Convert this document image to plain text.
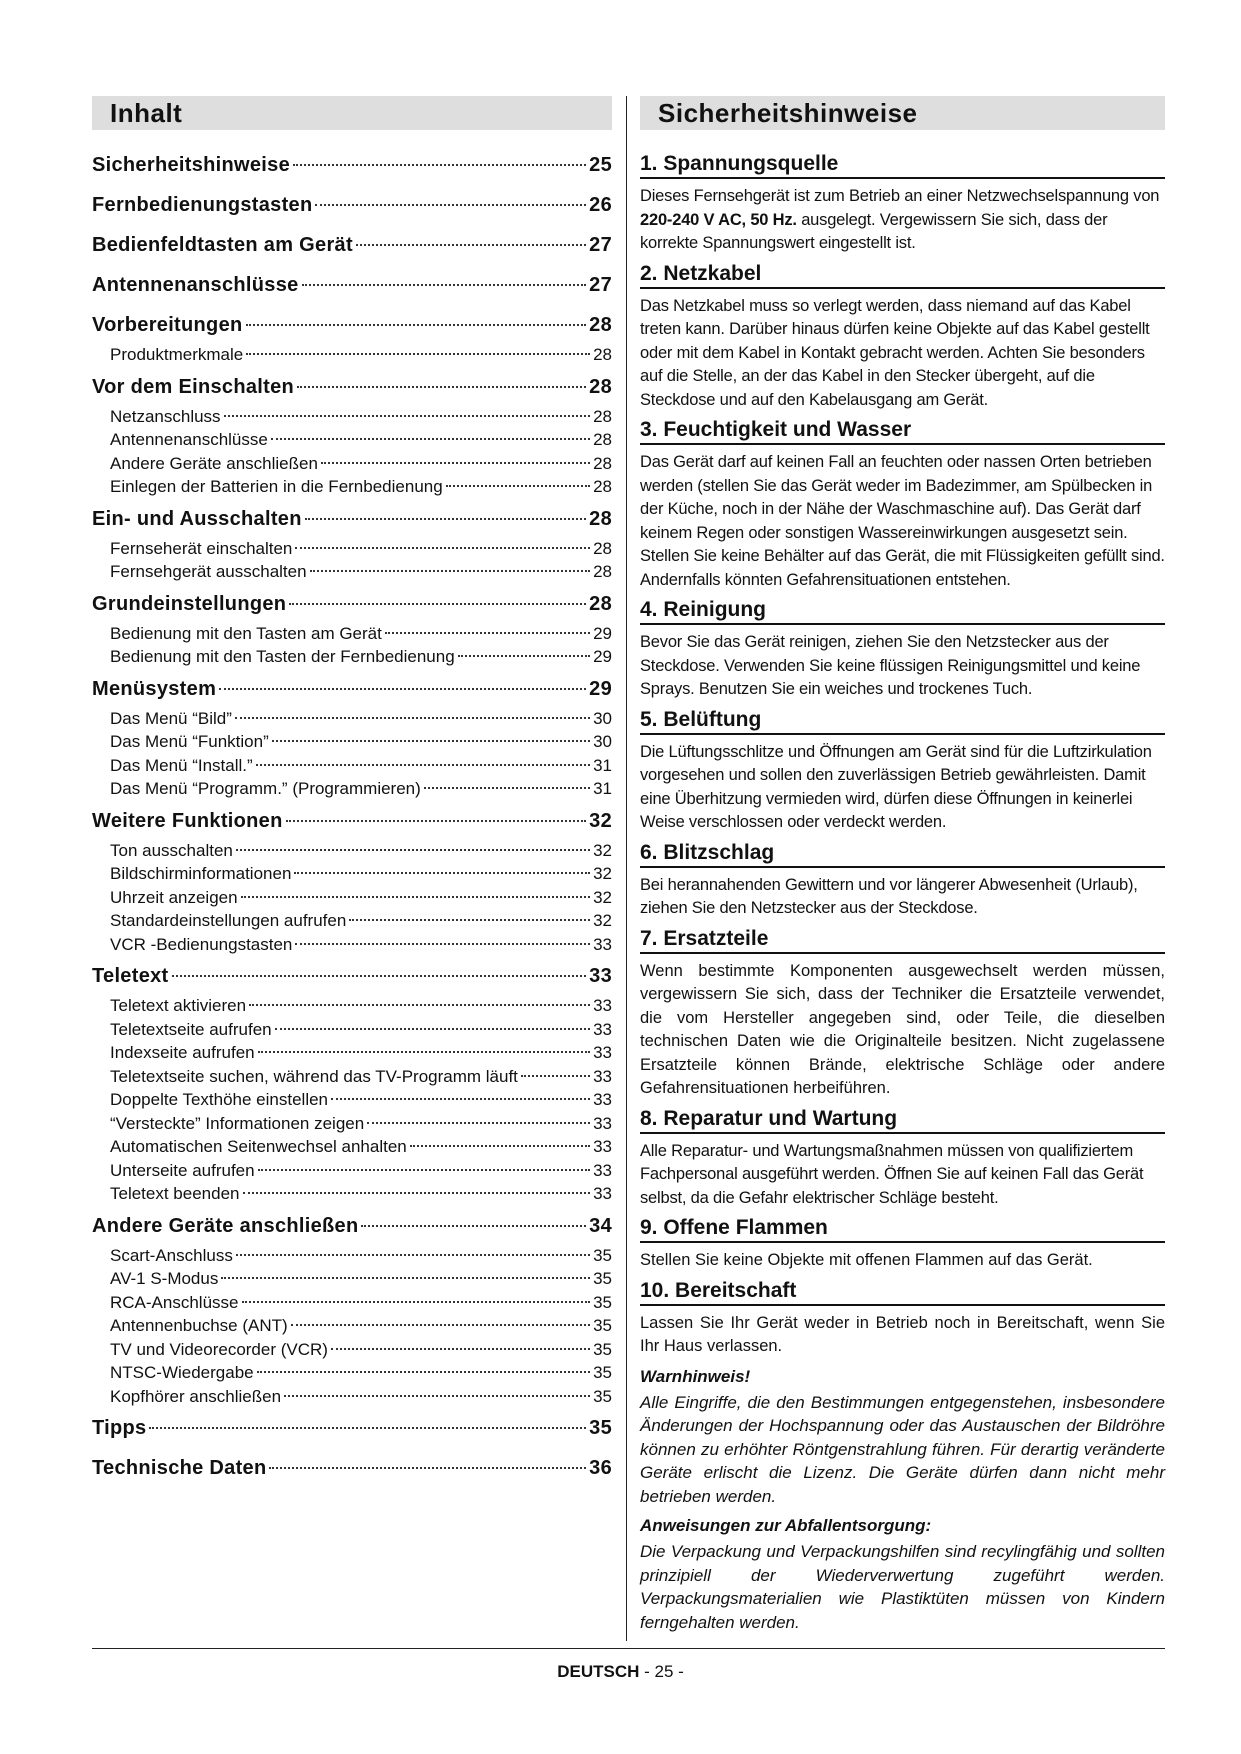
Inhalt
Sicherheitshinweise	25
Fernbedienungstasten	26
Bedienfeldtasten am Gerät	27
Antennenanschlüsse	27
Vorbereitungen	28
Produktmerkmale	28
Vor dem Einschalten	28
Netzanschluss	28
Antennenanschlüsse	28
Andere Geräte anschließen	28
Einlegen der Batterien in die Fernbedienung	28
Ein- und Ausschalten	28
Fernseherät einschalten	28
Fernsehgerät ausschalten	28
Grundeinstellungen	28
Bedienung mit den Tasten am Gerät	29
Bedienung mit den Tasten der Fernbedienung	29
Menüsystem	29
Das Menü “Bild”	30
Das Menü “Funktion”	30
Das Menü “Install.”	31
Das Menü “Programm.” (Programmieren)	31
Weitere Funktionen	32
Ton ausschalten	32
Bildschirminformationen	32
Uhrzeit anzeigen	32
Standardeinstellungen aufrufen	32
VCR -Bedienungstasten	33
Teletext	33
Teletext aktivieren	33
Teletextseite aufrufen	33
Indexseite aufrufen	33
Teletextseite suchen, während das TV-Programm läuft	33
Doppelte Texthöhe einstellen	33
“Versteckte” Informationen zeigen	33
Automatischen Seitenwechsel anhalten	33
Unterseite aufrufen	33
Teletext beenden	33
Andere Geräte anschließen	34
Scart-Anschluss	35
AV-1 S-Modus	35
RCA-Anschlüsse	35
Antennenbuchse (ANT)	35
TV und Videorecorder (VCR)	35
NTSC-Wiedergabe	35
Kopfhörer anschließen	35
Tipps	35
Technische Daten	36
Sicherheitshinweise
1. Spannungsquelle
Dieses Fernsehgerät ist zum Betrieb an einer Netzwechselspannung von 220-240 V AC, 50 Hz. ausgelegt. Vergewissern Sie sich, dass der korrekte Spannungswert eingestellt ist.
2. Netzkabel
Das Netzkabel muss so verlegt werden, dass niemand auf das Kabel treten kann. Darüber hinaus dürfen keine Objekte auf das Kabel gestellt oder mit dem Kabel in Kontakt gebracht werden. Achten Sie besonders auf die Stelle, an der das Kabel in den Stecker übergeht, auf die Steckdose und auf den Kabelausgang am Gerät.
3. Feuchtigkeit und Wasser
Das Gerät darf auf keinen Fall an feuchten oder nassen Orten betrieben werden (stellen Sie das Gerät weder im Badezimmer, am Spülbecken in der Küche, noch in der Nähe der Waschmaschine auf). Das Gerät darf keinem Regen oder sonstigen Wassereinwirkungen ausgesetzt sein. Stellen Sie keine Behälter auf das Gerät, die mit Flüssigkeiten gefüllt sind. Andernfalls könnten Gefahrensituationen entstehen.
4. Reinigung
Bevor Sie das Gerät reinigen, ziehen Sie den Netzstecker aus der Steckdose. Verwenden Sie keine flüssigen Reinigungsmittel und keine Sprays. Benutzen Sie ein weiches und trockenes Tuch.
5. Belüftung
Die Lüftungsschlitze und Öffnungen am Gerät sind für die Luftzirkulation vorgesehen und sollen den zuverlässigen Betrieb gewährleisten. Damit eine Überhitzung vermieden wird, dürfen diese Öffnungen in keinerlei Weise verschlossen oder verdeckt werden.
6. Blitzschlag
Bei herannahenden Gewittern und vor längerer Abwesenheit (Urlaub), ziehen Sie den Netzstecker aus der Steckdose.
7. Ersatzteile
Wenn bestimmte Komponenten ausgewechselt werden müssen, vergewissern Sie sich, dass der Techniker die Ersatzteile verwendet, die vom Hersteller angegeben sind, oder Teile, die dieselben technischen Daten wie die Originalteile besitzen. Nicht zugelassene Ersatzteile können Brände, elektrische Schläge oder andere Gefahrensituationen herbeiführen.
8. Reparatur und Wartung
Alle Reparatur- und Wartungsmaßnahmen müssen von qualifiziertem Fachpersonal ausgeführt werden. Öffnen Sie auf keinen Fall das Gerät selbst, da die Gefahr elektrischer Schläge besteht.
9. Offene Flammen
Stellen Sie keine Objekte mit offenen Flammen auf das Gerät.
10. Bereitschaft
Lassen Sie Ihr Gerät weder in Betrieb noch in Bereitschaft, wenn Sie Ihr Haus verlassen.
Warnhinweis!
Alle Eingriffe, die den Bestimmungen entgegenstehen, insbesondere Änderungen der Hochspannung oder das Austauschen der Bildröhre können zu erhöhter Röntgenstrahlung führen. Für derartig veränderte Geräte erlischt die Lizenz. Die Geräte dürfen dann nicht mehr betrieben werden.
Anweisungen zur Abfallentsorgung:
Die Verpackung und Verpackungshilfen sind recylingfähig und sollten prinzipiell der Wiederverwertung zugeführt werden. Verpackungsmaterialien wie Plastiktüten müssen von Kindern ferngehalten werden.
DEUTSCH - 25 -
